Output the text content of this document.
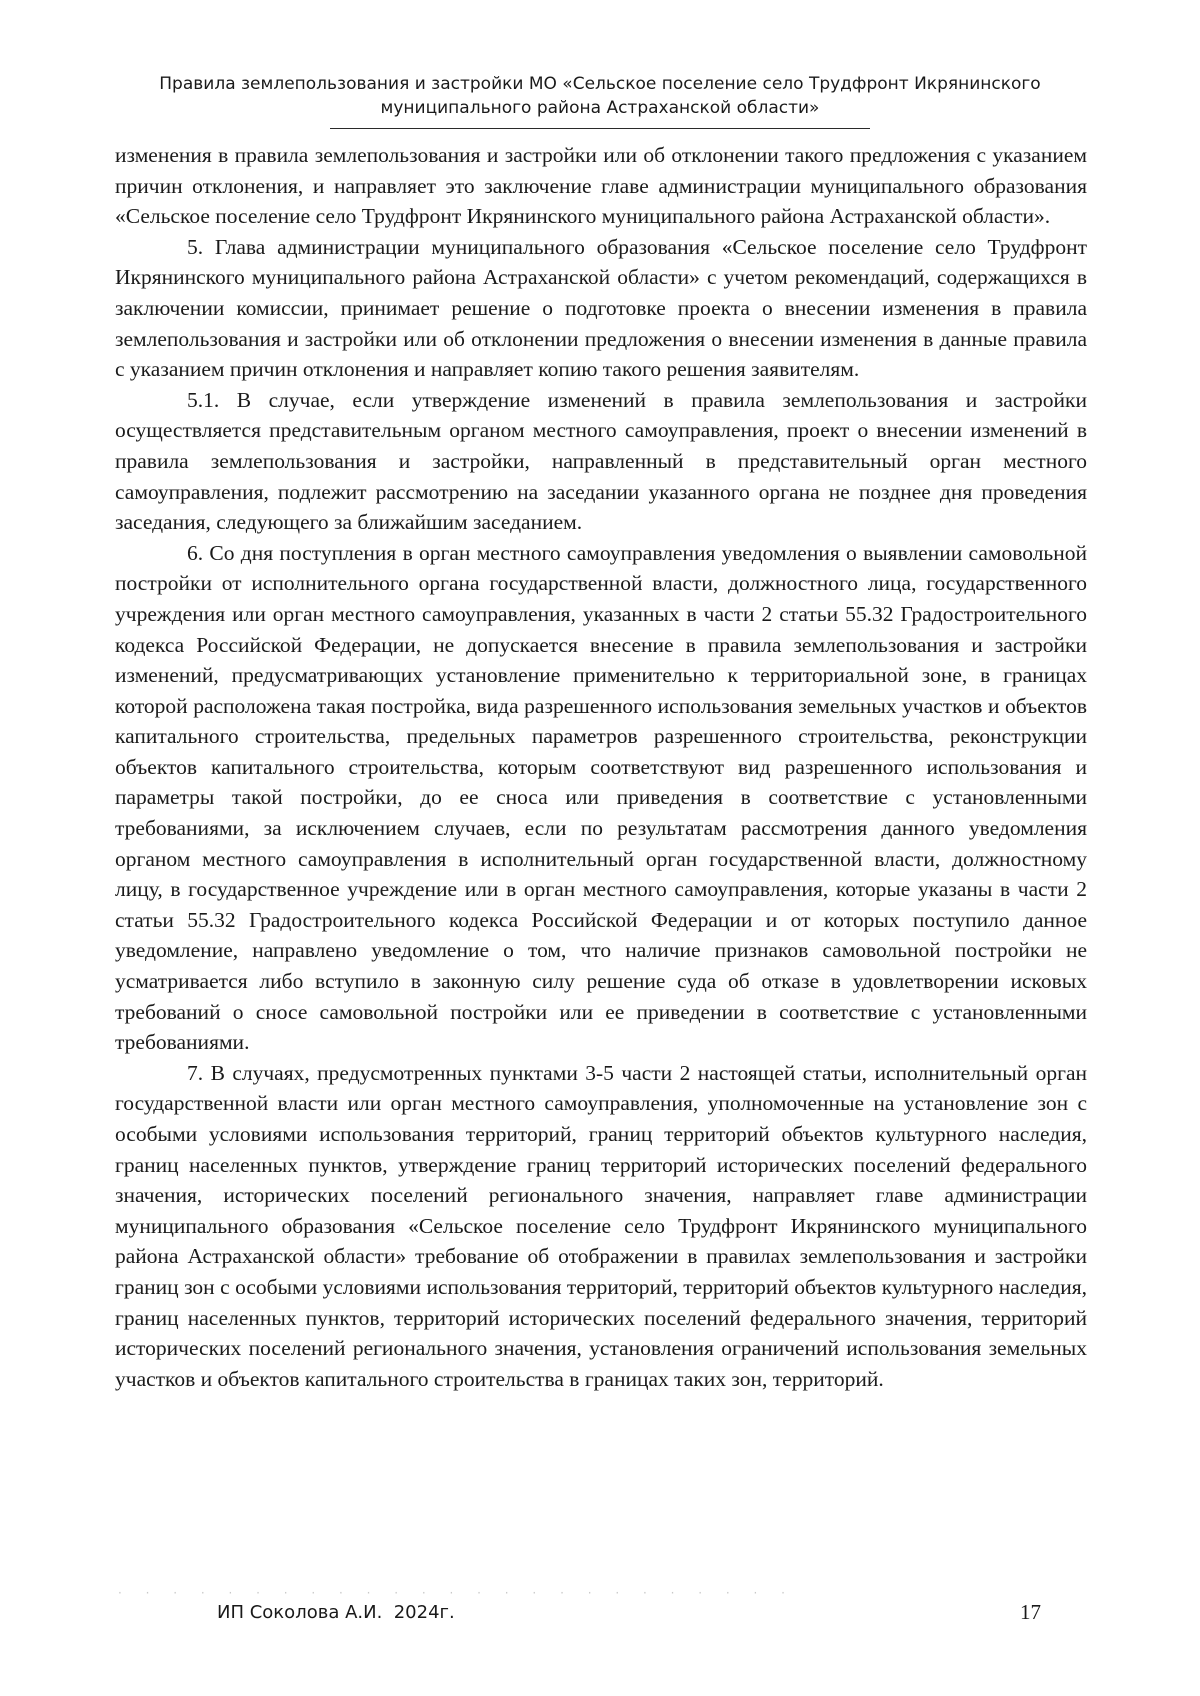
Правила землепользования и застройки МО «Сельское поселение село Трудфронт Икрянинского
муниципального района Астраханской области»

изменения в правила землепользования и застройки или об отклонении такого предложения с указанием причин отклонения, и направляет это заключение главе администрации муниципального образования «Сельское поселение село Трудфронт Икрянинского муниципального района Астраханской области».

5. Глава администрации муниципального образования «Сельское поселение село Трудфронт Икрянинского муниципального района Астраханской области» с учетом рекомендаций, содержащихся в заключении комиссии, принимает решение о подготовке проекта о внесении изменения в правила землепользования и застройки или об отклонении предложения о внесении изменения в данные правила с указанием причин отклонения и направляет копию такого решения заявителям.

5.1. В случае, если утверждение изменений в правила землепользования и застройки осуществляется представительным органом местного самоуправления, проект о внесении изменений в правила землепользования и застройки, направленный в представительный орган местного самоуправления, подлежит рассмотрению на заседании указанного органа не позднее дня проведения заседания, следующего за ближайшим заседанием.

6. Со дня поступления в орган местного самоуправления уведомления о выявлении самовольной постройки от исполнительного органа государственной власти, должностного лица, государственного учреждения или орган местного самоуправления, указанных в части 2 статьи 55.32 Градостроительного кодекса Российской Федерации, не допускается внесение в правила землепользования и застройки изменений, предусматривающих установление применительно к территориальной зоне, в границах которой расположена такая постройка, вида разрешенного использования земельных участков и объектов капитального строительства, предельных параметров разрешенного строительства, реконструкции объектов капитального строительства, которым соответствуют вид разрешенного использования и параметры такой постройки, до ее сноса или приведения в соответствие с установленными требованиями, за исключением случаев, если по результатам рассмотрения данного уведомления органом местного самоуправления в исполнительный орган государственной власти, должностному лицу, в государственное учреждение или в орган местного самоуправления, которые указаны в части 2 статьи 55.32 Градостроительного кодекса Российской Федерации и от которых поступило данное уведомление, направлено уведомление о том, что наличие признаков самовольной постройки не усматривается либо вступило в законную силу решение суда об отказе в удовлетворении исковых требований о сносе самовольной постройки или ее приведении в соответствие с установленными требованиями.

7. В случаях, предусмотренных пунктами 3-5 части 2 настоящей статьи, исполнительный орган государственной власти или орган местного самоуправления, уполномоченные на установление зон с особыми условиями использования территорий, границ территорий объектов культурного наследия, границ населенных пунктов, утверждение границ территорий исторических поселений федерального значения, исторических поселений регионального значения, направляет главе администрации муниципального образования «Сельское поселение село Трудфронт Икрянинского муниципального района Астраханской области» требование об отображении в правилах землепользования и застройки границ зон с особыми условиями использования территорий, территорий объектов культурного наследия, границ населенных пунктов, территорий исторических поселений федерального значения, территорий исторических поселений регионального значения, установления ограничений использования земельных участков и объектов капитального строительства в границах таких зон, территорий.

· · · · · · · · · · · · · · · · · · · · · · · · ·
ИП Соколова А.И.  2024г.	17
